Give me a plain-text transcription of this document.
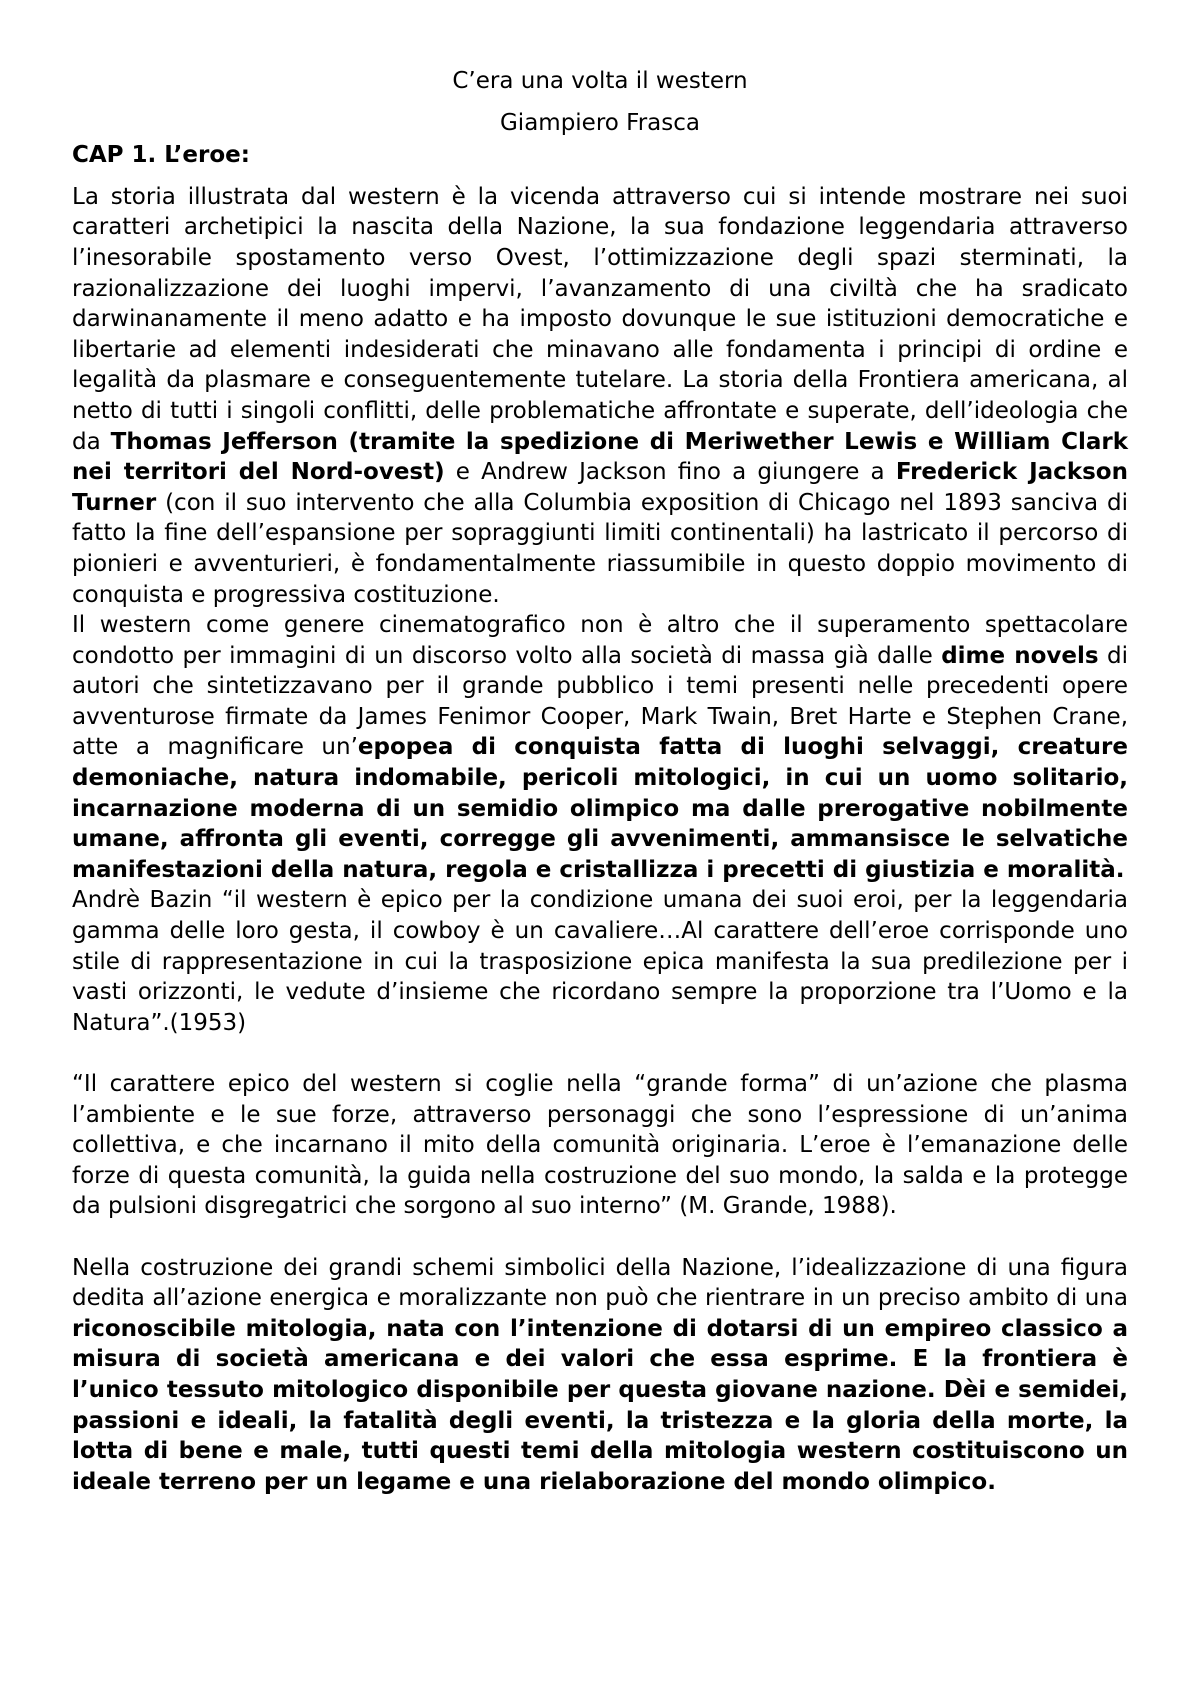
C’era una volta il western
Giampiero Frasca
CAP 1. L’eroe:

La storia illustrata dal western è la vicenda attraverso cui si intende mostrare nei suoi caratteri archetipici la nascita della Nazione, la sua fondazione leggendaria attraverso l’inesorabile spostamento verso Ovest, l’ottimizzazione degli spazi sterminati, la razionalizzazione dei luoghi impervi, l’avanzamento di una civiltà che ha sradicato darwinanamente il meno adatto e ha imposto dovunque le sue istituzioni democratiche e libertarie ad elementi indesiderati che minavano alle fondamenta i principi di ordine e legalità da plasmare e conseguentemente tutelare. La storia della Frontiera americana, al netto di tutti i singoli conflitti, delle problematiche affrontate e superate, dell’ideologia che da Thomas Jefferson (tramite la spedizione di Meriwether Lewis e William Clark nei territori del Nord-ovest) e Andrew Jackson fino a giungere a Frederick Jackson Turner (con il suo intervento che alla Columbia exposition di Chicago nel 1893 sanciva di fatto la fine dell’espansione per sopraggiunti limiti continentali) ha lastricato il percorso di pionieri e avventurieri, è fondamentalmente riassumibile in questo doppio movimento di conquista e progressiva costituzione.

Il western come genere cinematografico non è altro che il superamento spettacolare condotto per immagini di un discorso volto alla società di massa già dalle dime novels di autori che sintetizzavano per il grande pubblico i temi presenti nelle precedenti opere avventurose firmate da James Fenimor Cooper, Mark Twain, Bret Harte e Stephen Crane, atte a magnificare un’epopea di conquista fatta di luoghi selvaggi, creature demoniache, natura indomabile, pericoli mitologici, in cui un uomo solitario, incarnazione moderna di un semidio olimpico ma dalle prerogative nobilmente umane, affronta gli eventi, corregge gli avvenimenti, ammansisce le selvatiche manifestazioni della natura, regola e cristallizza i precetti di giustizia e moralità.

Andrè Bazin “il western è epico per la condizione umana dei suoi eroi, per la leggendaria gamma delle loro gesta, il cowboy è un cavaliere…Al carattere dell’eroe corrisponde uno stile di rappresentazione in cui la trasposizione epica manifesta la sua predilezione per i vasti orizzonti, le vedute d’insieme che ricordano sempre la proporzione tra l’Uomo e la Natura”.(1953)

“Il carattere epico del western si coglie nella “grande forma” di un’azione che plasma l’ambiente e le sue forze, attraverso personaggi che sono l’espressione di un’anima collettiva, e che incarnano il mito della comunità originaria. L’eroe è l’emanazione delle forze di questa comunità, la guida nella costruzione del suo mondo, la salda e la protegge da pulsioni disgregatrici che sorgono al suo interno” (M. Grande, 1988).

Nella costruzione dei grandi schemi simbolici della Nazione, l’idealizzazione di una figura dedita all’azione energica e moralizzante non può che rientrare in un preciso ambito di una riconoscibile mitologia, nata con l’intenzione di dotarsi di un empireo classico a misura di società americana e dei valori che essa esprime. E la frontiera è l’unico tessuto mitologico disponibile per questa giovane nazione. Dèi e semidei, passioni e ideali, la fatalità degli eventi, la tristezza e la gloria della morte, la lotta di bene e male, tutti questi temi della mitologia western costituiscono un ideale terreno per un legame e una rielaborazione del mondo olimpico.
